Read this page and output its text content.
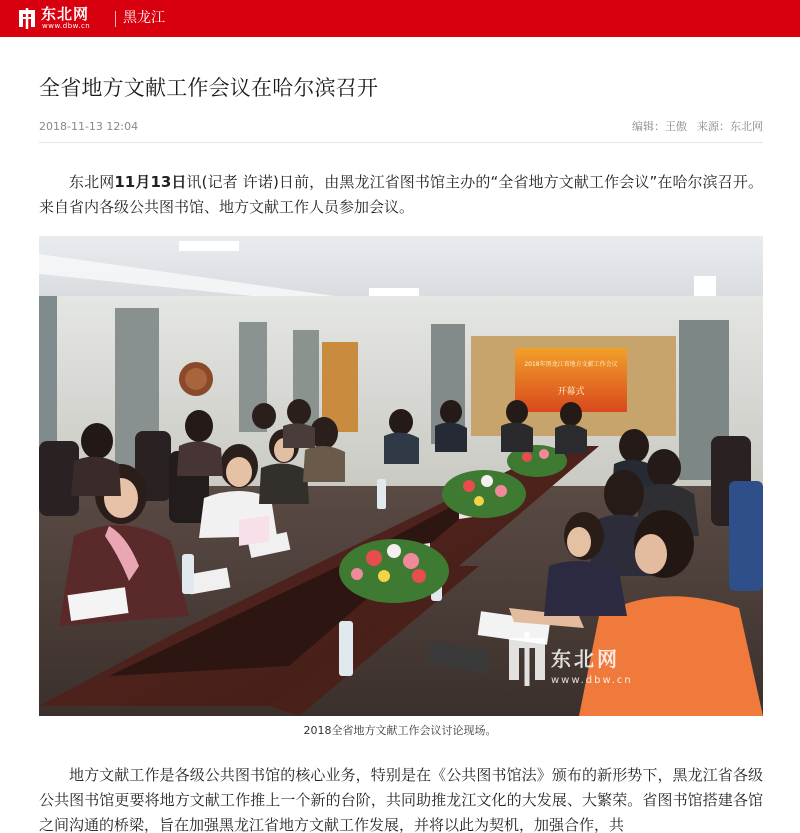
东北网
www.dbw.cn 黑龙江
全省地方文献工作会议在哈尔滨召开
2018-11-13 12:04	编辑：王傲 来源：东北网

东北网11月13日讯(记者 许诺)日前，由黑龙江省图书馆主办的“全省地方文献工作会议”在哈尔滨召开。来自省内各级公共图书馆、地方文献工作人员参加会议。

2018年黑龙江省地方文献工作会议
开幕式
东北网
www.dbw.cn
2018全省地方文献工作会议讨论现场。

地方文献工作是各级公共图书馆的核心业务，特别是在《公共图书馆法》颁布的新形势下，黑龙江省各级公共图书馆更要将地方文献工作推上一个新的台阶，共同助推龙江文化的大发展、大繁荣。省图书馆搭建各馆之间沟通的桥梁，旨在加强黑龙江省地方文献工作发展，并将以此为契机，加强合作，共
